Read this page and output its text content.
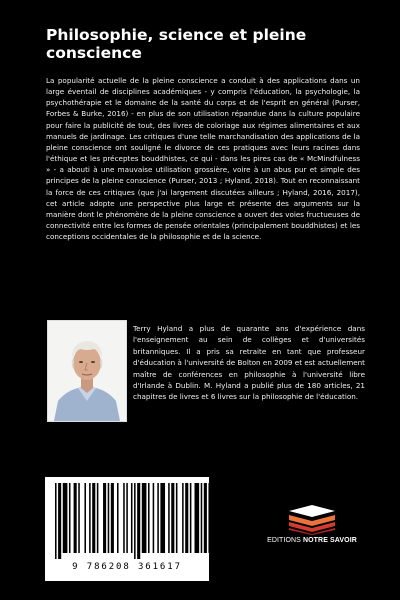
Philosophie, science et pleine conscience

La popularité actuelle de la pleine conscience a conduit à des applications dans un large éventail de disciplines académiques - y compris l'éducation, la psychologie, la psychothérapie et le domaine de la santé du corps et de l'esprit en général (Purser, Forbes & Burke, 2016) - en plus de son utilisation répandue dans la culture populaire pour faire la publicité de tout, des livres de coloriage aux régimes alimentaires et aux manuels de jardinage. Les critiques d'une telle marchandisation des applications de la pleine conscience ont souligné le divorce de ces pratiques avec leurs racines dans l'éthique et les préceptes bouddhistes, ce qui - dans les pires cas de « McMindfulness » - a abouti à une mauvaise utilisation grossière, voire à un abus pur et simple des principes de la pleine conscience (Purser, 2013 ; Hyland, 2018). Tout en reconnaissant la force de ces critiques (que j'ai largement discutées ailleurs ; Hyland, 2016, 2017), cet article adopte une perspective plus large et présente des arguments sur la manière dont le phénomène de la pleine conscience a ouvert des voies fructueuses de connectivité entre les formes de pensée orientales (principalement bouddhistes) et les conceptions occidentales de la philosophie et de la science.

Terry Hyland a plus de quarante ans d'expérience dans l'enseignement au sein de collèges et d'universités britanniques. Il a pris sa retraite en tant que professeur d'éducation à l'université de Bolton en 2009 et est actuellement maître de conférences en philosophie à l'université libre d'Irlande à Dublin. M. Hyland a publié plus de 180 articles, 21 chapitres de livres et 6 livres sur la philosophie de l'éducation.

9 786208 361617
EDITIONS NOTRE SAVOIR
